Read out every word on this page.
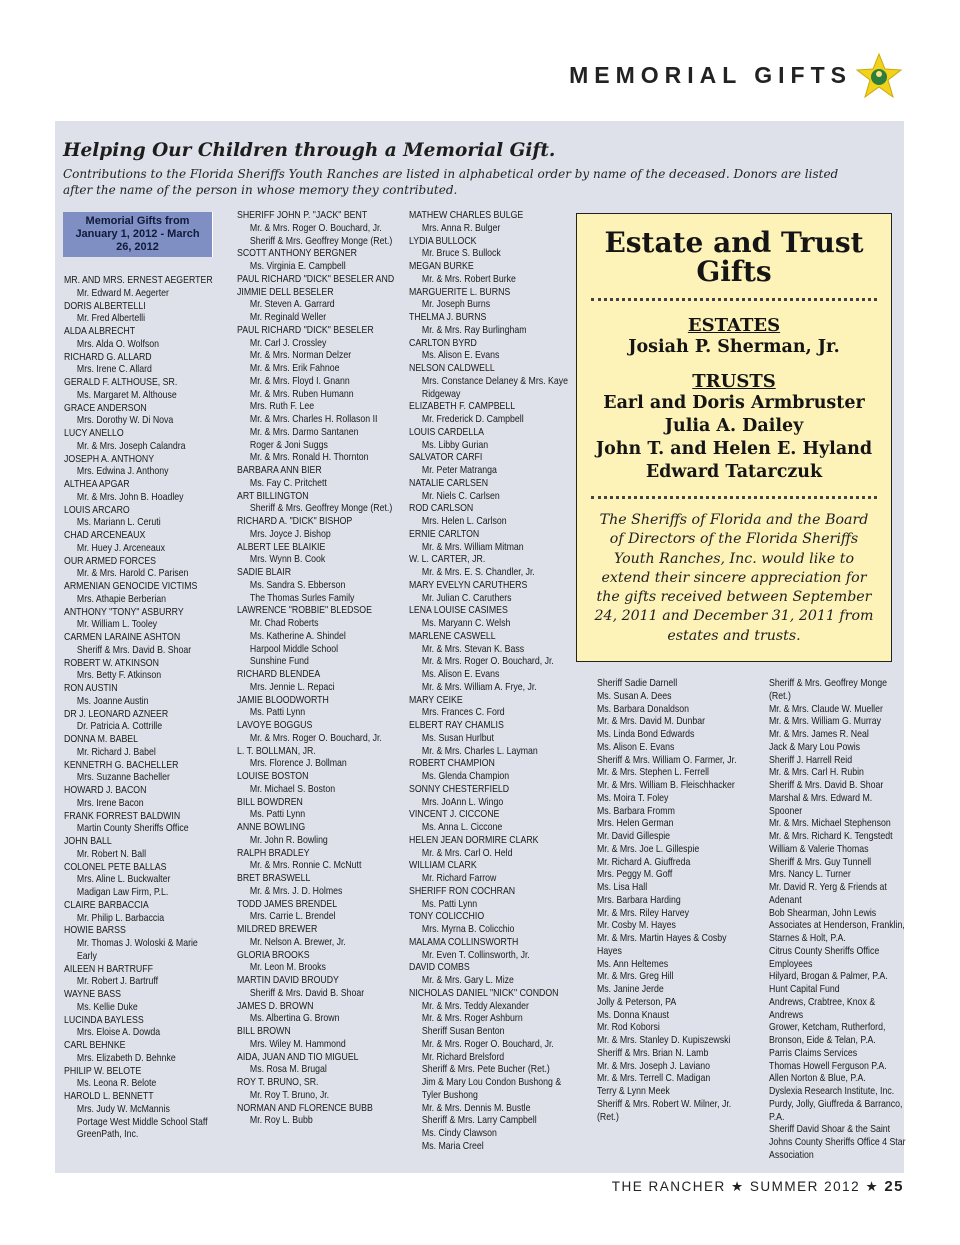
MEMORIAL GIFTS
Helping Our Children through a Memorial Gift.

Contributions to the Florida Sheriffs Youth Ranches are listed in alphabetical order by name of the deceased. Donors are listed after the name of the person in whose memory they contributed.

Memorial Gifts from January 1, 2012 - March 26, 2012
MR. AND MRS. ERNEST AEGERTER
Mr. Edward M. Aegerter
DORIS ALBERTELLI
Mr. Fred Albertelli
ALDA ALBRECHT
Mrs. Alda O. Wolfson
RICHARD G. ALLARD
Mrs. Irene C. Allard
GERALD F. ALTHOUSE, SR.
Ms. Margaret M. Althouse
GRACE ANDERSON
Mrs. Dorothy W. Di Nova
LUCY ANELLO
Mr. & Mrs. Joseph Calandra
JOSEPH A. ANTHONY
Mrs. Edwina J. Anthony
ALTHEA APGAR
Mr. & Mrs. John B. Hoadley
LOUIS ARCARO
Ms. Mariann L. Ceruti
CHAD ARCENEAUX
Mr. Huey J. Arceneaux
OUR ARMED FORCES
Mr. & Mrs. Harold C. Parisen
ARMENIAN GENOCIDE VICTIMS
Mrs. Athapie Berberian
ANTHONY "TONY" ASBURRY
Mr. William L. Tooley
CARMEN LARAINE ASHTON
Sheriff & Mrs. David B. Shoar
ROBERT W. ATKINSON
Mrs. Betty F. Atkinson
RON AUSTIN
Ms. Joanne Austin
DR J. LEONARD AZNEER
Dr. Patricia A. Cottrille
DONNA M. BABEL
Mr. Richard J. Babel
KENNETRH G. BACHELLER
Mrs. Suzanne Bacheller
HOWARD J. BACON
Mrs. Irene Bacon
FRANK FORREST BALDWIN
Martin County Sheriffs Office
JOHN BALL
Mr. Robert N. Ball
COLONEL PETE BALLAS
Mrs. Aline L. Buckwalter
Madigan Law Firm, P.L.
CLAIRE BARBACCIA
Mr. Philip L. Barbaccia
HOWIE BARSS
Mr. Thomas J. Woloski & Marie Early
AILEEN H BARTRUFF
Mr. Robert J. Bartruff
WAYNE BASS
Ms. Kellie Duke
LUCINDA BAYLESS
Mrs. Eloise A. Dowda
CARL BEHNKE
Mrs. Elizabeth D. Behnke
PHILIP W. BELOTE
Ms. Leona R. Belote
HAROLD L. BENNETT
Mrs. Judy W. McMannis
Portage West Middle School Staff
GreenPath, Inc.
SHERIFF JOHN P. "JACK" BENT
Mr. & Mrs. Roger O. Bouchard, Jr.
Sheriff & Mrs. Geoffrey Monge (Ret.)
SCOTT ANTHONY BERGNER
Ms. Virginia E. Campbell
PAUL RICHARD "DICK" BESELER AND JIMMIE DELL BESELER
Mr. Steven A. Garrard
Mr. Reginald Weller
PAUL RICHARD "DICK" BESELER
Mr. Carl J. Crossley
Mr. & Mrs. Norman Delzer
Mr. & Mrs. Erik Fahnoe
Mr. & Mrs. Floyd I. Gnann
Mr. & Mrs. Ruben Humann
Mrs. Ruth F. Lee
Mr. & Mrs. Charles H. Rollason II
Mr. & Mrs. Darmo Santanen
Roger & Joni Suggs
Mr. & Mrs. Ronald H. Thornton
BARBARA ANN BIER
Ms. Fay C. Pritchett
ART BILLINGTON
Sheriff & Mrs. Geoffrey Monge (Ret.)
RICHARD A. "DICK" BISHOP
Mrs. Joyce J. Bishop
ALBERT LEE BLAIKIE
Mrs. Wynn B. Cook
SADIE BLAIR
Ms. Sandra S. Ebberson
The Thomas Surles Family
LAWRENCE "ROBBIE" BLEDSOE
Mr. Chad Roberts
Ms. Katherine A. Shindel
Harpool Middle School
Sunshine Fund
RICHARD BLENDEA
Mrs. Jennie L. Repaci
JAMIE BLOODWORTH
Ms. Patti Lynn
LAVOYE BOGGUS
Mr. & Mrs. Roger O. Bouchard, Jr.
L. T. BOLLMAN, JR.
Mrs. Florence J. Bollman
LOUISE BOSTON
Mr. Michael S. Boston
BILL BOWDREN
Ms. Patti Lynn
ANNE BOWLING
Mr. John R. Bowling
RALPH BRADLEY
Mr. & Mrs. Ronnie C. McNutt
BRET BRASWELL
Mr. & Mrs. J. D. Holmes
TODD JAMES BRENDEL
Mrs. Carrie L. Brendel
MILDRED BREWER
Mr. Nelson A. Brewer, Jr.
GLORIA BROOKS
Mr. Leon M. Brooks
MARTIN DAVID BROUDY
Sheriff & Mrs. David B. Shoar
JAMES D. BROWN
Ms. Albertina G. Brown
BILL BROWN
Mrs. Wiley M. Hammond
AIDA, JUAN AND TIO MIGUEL
Ms. Rosa M. Brugal
ROY T. BRUNO, SR.
Mr. Roy T. Bruno, Jr.
NORMAN AND FLORENCE BUBB
Mr. Roy L. Bubb
MATHEW CHARLES BULGE
Mrs. Anna R. Bulger
LYDIA BULLOCK
Mr. Bruce S. Bullock
MEGAN BURKE
Mr. & Mrs. Robert Burke
MARGUERITE L. BURNS
Mr. Joseph Burns
THELMA J. BURNS
Mr. & Mrs. Ray Burlingham
CARLTON BYRD
Ms. Alison E. Evans
NELSON CALDWELL
Mrs. Constance Delaney & Mrs. Kaye Ridgeway
ELIZABETH F. CAMPBELL
Mr. Frederick D. Campbell
LOUIS CARDELLA
Ms. Libby Gurian
SALVATOR CARFI
Mr. Peter Matranga
NATALIE CARLSEN
Mr. Niels C. Carlsen
ROD CARLSON
Mrs. Helen L. Carlson
ERNIE CARLTON
Mr. & Mrs. William Mitman
W. L. CARTER, JR.
Mr. & Mrs. E. S. Chandler, Jr.
MARY EVELYN CARUTHERS
Mr. Julian C. Caruthers
LENA LOUISE CASIMES
Ms. Maryann C. Welsh
MARLENE CASWELL
Mr. & Mrs. Stevan K. Bass
Mr. & Mrs. Roger O. Bouchard, Jr.
Ms. Alison E. Evans
Mr. & Mrs. William A. Frye, Jr.
MARY CEIKE
Mrs. Frances C. Ford
ELBERT RAY CHAMLIS
Ms. Susan Hurlbut
Mr. & Mrs. Charles L. Layman
ROBERT CHAMPION
Ms. Glenda Champion
SONNY CHESTERFIELD
Mrs. JoAnn L. Wingo
VINCENT J. CICCONE
Ms. Anna L. Ciccone
HELEN JEAN DORMIRE CLARK
Mr. & Mrs. Carl O. Held
WILLIAM CLARK
Mr. Richard Farrow
SHERIFF RON COCHRAN
Ms. Patti Lynn
TONY COLICCHIO
Mrs. Myrna B. Colicchio
MALAMA COLLINSWORTH
Mr. Even T. Collinsworth, Jr.
DAVID COMBS
Mr. & Mrs. Gary L. Mize
NICHOLAS DANIEL "NICK" CONDON
Mr. & Mrs. Teddy Alexander
Mr. & Mrs. Roger Ashburn
Sheriff Susan Benton
Mr. & Mrs. Roger O. Bouchard, Jr.
Mr. Richard Brelsford
Sheriff & Mrs. Pete Bucher (Ret.)
Jim & Mary Lou Condon Bushong & Tyler Bushong
Mr. & Mrs. Dennis M. Bustle
Sheriff & Mrs. Larry Campbell
Ms. Cindy Clawson
Ms. Maria Creel
Sheriff Sadie Darnell
Ms. Susan A. Dees
Ms. Barbara Donaldson
Mr. & Mrs. David M. Dunbar
Ms. Linda Bond Edwards
Ms. Alison E. Evans
Sheriff & Mrs. William O. Farmer, Jr.
Mr. & Mrs. Stephen L. Ferrell
Mr. & Mrs. William B. Fleischhacker
Ms. Moira T. Foley
Ms. Barbara Fromm
Mrs. Helen German
Mr. David Gillespie
Mr. & Mrs. Joe L. Gillespie
Mr. Richard A. Giuffreda
Mrs. Peggy M. Goff
Ms. Lisa Hall
Mrs. Barbara Harding
Mr. & Mrs. Riley Harvey
Mr. Cosby M. Hayes
Mr. & Mrs. Martin Hayes & Cosby Hayes
Ms. Ann Heltemes
Mr. & Mrs. Greg Hill
Ms. Janine Jerde
Jolly & Peterson, PA
Ms. Donna Knaust
Mr. Rod Koborsi
Mr. & Mrs. Stanley D. Kupiszewski
Sheriff & Mrs. Brian N. Lamb
Mr. & Mrs. Joseph J. Laviano
Mr. & Mrs. Terrell C. Madigan
Terry & Lynn Meek
Sheriff & Mrs. Robert W. Milner, Jr. (Ret.)
Sheriff & Mrs. Geoffrey Monge (Ret.)
Mr. & Mrs. Claude W. Mueller
Mr. & Mrs. William G. Murray
Mr. & Mrs. James R. Neal
Jack & Mary Lou Powis
Sheriff J. Harrell Reid
Mr. & Mrs. Carl H. Rubin
Sheriff & Mrs. David B. Shoar
Marshal & Mrs. Edward M. Spooner
Mr. & Mrs. Michael Stephenson
Mr. & Mrs. Richard K. Tengstedt
William & Valerie Thomas
Sheriff & Mrs. Guy Tunnell
Mrs. Nancy L. Turner
Mr. David R. Yerg & Friends at Adenant
Bob Shearman, John Lewis Associates at Henderson, Franklin, Starnes & Holt, P.A.
Citrus County Sheriffs Office Employees
Hilyard, Brogan & Palmer, P.A.
Hunt Capital Fund
Andrews, Crabtree, Knox & Andrews
Grower, Ketcham, Rutherford, Bronson, Eide & Telan, P.A.
Parris Claims Services
Thomas Howell Ferguson P.A.
Allen Norton & Blue, P.A.
Dyslexia Research Institute, Inc.
Purdy, Jolly, Giuffreda & Barranco, P.A.
Sheriff David Shoar & the Saint Johns County Sheriffs Office 4 Star Association
Estate and Trust Gifts
ESTATES
Josiah P. Sherman, Jr.
TRUSTS
Earl and Doris Armbruster
Julia A. Dailey
John T. and Helen E. Hyland
Edward Tatarczuk
The Sheriffs of Florida and the Board of Directors of the Florida Sheriffs Youth Ranches, Inc. would like to extend their sincere appreciation for the gifts received between September 24, 2011 and December 31, 2011 from estates and trusts.
THE RANCHER ★ SUMMER 2012 ★ 25
